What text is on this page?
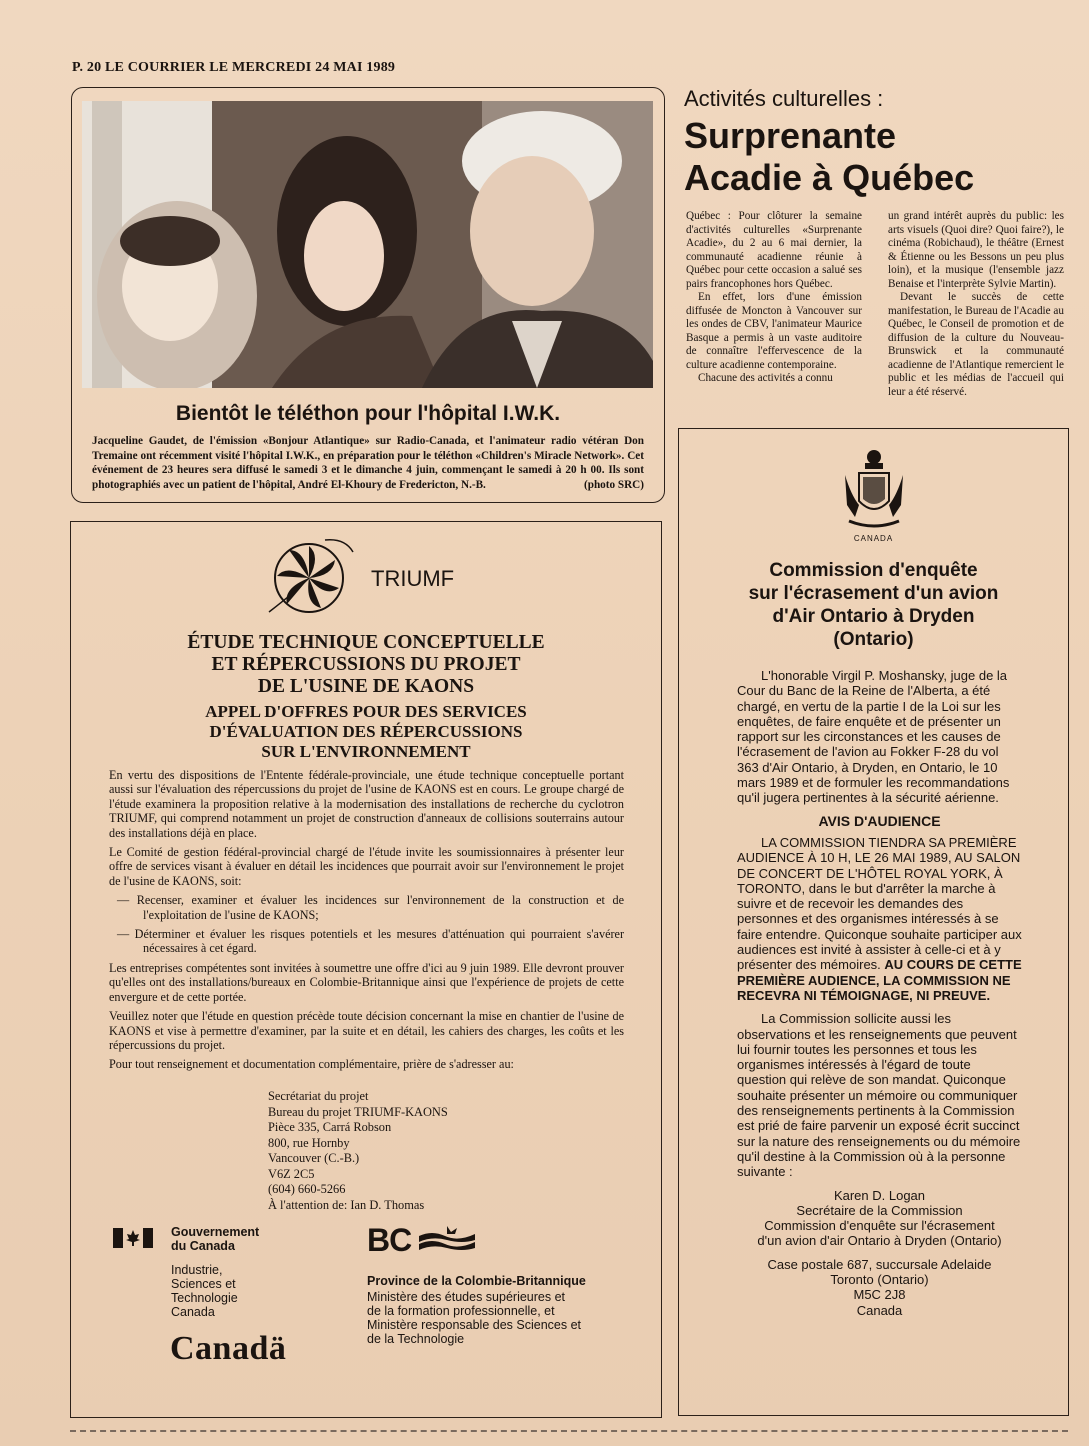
P. 20 LE COURRIER LE MERCREDI 24 MAI 1989
Bientôt le téléthon pour l'hôpital I.W.K.
Jacqueline Gaudet, de l'émission «Bonjour Atlantique» sur Radio-Canada, et l'animateur radio vétéran Don Tremaine ont récemment visité l'hôpital I.W.K., en préparation pour le téléthon «Children's Miracle Network». Cet événement de 23 heures sera diffusé le samedi 3 et le dimanche 4 juin, commençant le samedi à 20 h 00. Ils sont photographiés avec un patient de l'hôpital, André El-Khoury de Fredericton, N.-B.	(photo SRC)
Activités culturelles :
Surprenante
Acadie à Québec

Québec : Pour clôturer la semaine d'activités culturelles «Surprenante Acadie», du 2 au 6 mai dernier, la communauté acadienne réunie à Québec pour cette occasion a salué ses pairs francophones hors Québec.

En effet, lors d'une émission diffusée de Moncton à Vancouver sur les ondes de CBV, l'animateur Maurice Basque a permis à un vaste auditoire de connaître l'effervescence de la culture acadienne contemporaine.

Chacune des activités a connu

un grand intérêt auprès du public: les arts visuels (Quoi dire? Quoi faire?), le cinéma (Robichaud), le théâtre (Ernest & Étienne ou les Bessons un peu plus loin), et la musique (l'ensemble jazz Benaise et l'interprète Sylvie Martin).

Devant le succès de cette manifestation, le Bureau de l'Acadie au Québec, le Conseil de promotion et de diffusion de la culture du Nouveau-Brunswick et la communauté acadienne de l'Atlantique remercient le public et les médias de l'accueil qui leur a été réservé.

TRIUMF
ÉTUDE TECHNIQUE CONCEPTUELLE
ET RÉPERCUSSIONS DU PROJET
DE L'USINE DE KAONS
APPEL D'OFFRES POUR DES SERVICES
D'ÉVALUATION DES RÉPERCUSSIONS
SUR L'ENVIRONNEMENT

En vertu des dispositions de l'Entente fédérale-provinciale, une étude technique conceptuelle portant aussi sur l'évaluation des répercussions du projet de l'usine de KAONS est en cours. Le groupe chargé de l'étude examinera la proposition relative à la modernisation des installations de recherche du cyclotron TRIUMF, qui comprend notamment un projet de construction d'anneaux de collisions souterrains autour des installations déjà en place.

Le Comité de gestion fédéral-provincial chargé de l'étude invite les soumissionnaires à présenter leur offre de services visant à évaluer en détail les incidences que pourrait avoir sur l'environnement le projet de l'usine de KAONS, soit:

— Recenser, examiner et évaluer les incidences sur l'environnement de la construction et de l'exploitation de l'usine de KAONS;

— Déterminer et évaluer les risques potentiels et les mesures d'atténuation qui pourraient s'avérer nécessaires à cet égard.

Les entreprises compétentes sont invitées à soumettre une offre d'ici au 9 juin 1989. Elle devront prouver qu'elles ont des installations/bureaux en Colombie-Britannique ainsi que l'expérience de projets de cette envergure et de cette portée.

Veuillez noter que l'étude en question précède toute décision concernant la mise en chantier de l'usine de KAONS et vise à permettre d'examiner, par la suite et en détail, les cahiers des charges, les coûts et les répercussions du projet.

Pour tout renseignement et documentation complémentaire, prière de s'adresser au:

Secrétariat du projet
Bureau du projet TRIUMF-KAONS
Pièce 335, Carrá Robson
800, rue Hornby
Vancouver (C.-B.)
V6Z 2C5
(604) 660-5266
À l'attention de: Ian D. Thomas
Gouvernement
du Canada
Industrie,
Sciences et
Technologie
Canada
Canadä
BC
Province de la Colombie-Britannique
Ministère des études supérieures et
de la formation professionnelle, et
Ministère responsable des Sciences et
de la Technologie
CANADA
Commission d'enquête
sur l'écrasement d'un avion
d'Air Ontario à Dryden
(Ontario)

L'honorable Virgil P. Moshansky, juge de la Cour du Banc de la Reine de l'Alberta, a été chargé, en vertu de la partie I de la Loi sur les enquêtes, de faire enquête et de présenter un rapport sur les circonstances et les causes de l'écrasement de l'avion au Fokker F-28 du vol 363 d'Air Ontario, à Dryden, en Ontario, le 10 mars 1989 et de formuler les recommandations qu'il jugera pertinentes à la sécurité aérienne.

AVIS D'AUDIENCE

LA COMMISSION TIENDRA SA PREMIÈRE AUDIENCE À 10 H, LE 26 MAI 1989, AU SALON DE CONCERT DE L'HÔTEL ROYAL YORK, À TORONTO, dans le but d'arrêter la marche à suivre et de recevoir les demandes des personnes et des organismes intéressés à se faire entendre. Quiconque souhaite participer aux audiences est invité à assister à celle-ci et à y présenter des mémoires. AU COURS DE CETTE PREMIÈRE AUDIENCE, LA COMMISSION NE RECEVRA NI TÉMOIGNAGE, NI PREUVE.

La Commission sollicite aussi les observations et les renseignements que peuvent lui fournir toutes les personnes et tous les organismes intéressés à l'égard de toute question qui relève de son mandat. Quiconque souhaite présenter un mémoire ou communiquer des renseignements pertinents à la Commission est prié de faire parvenir un exposé écrit succinct sur la nature des renseignements ou du mémoire qu'il destine à la Commission où à la personne suivante :

Karen D. Logan
Secrétaire de la Commission
Commission d'enquête sur l'écrasement
d'un avion d'air Ontario à Dryden (Ontario)

Case postale 687, succursale Adelaide
Toronto (Ontario)
M5C 2J8
Canada
